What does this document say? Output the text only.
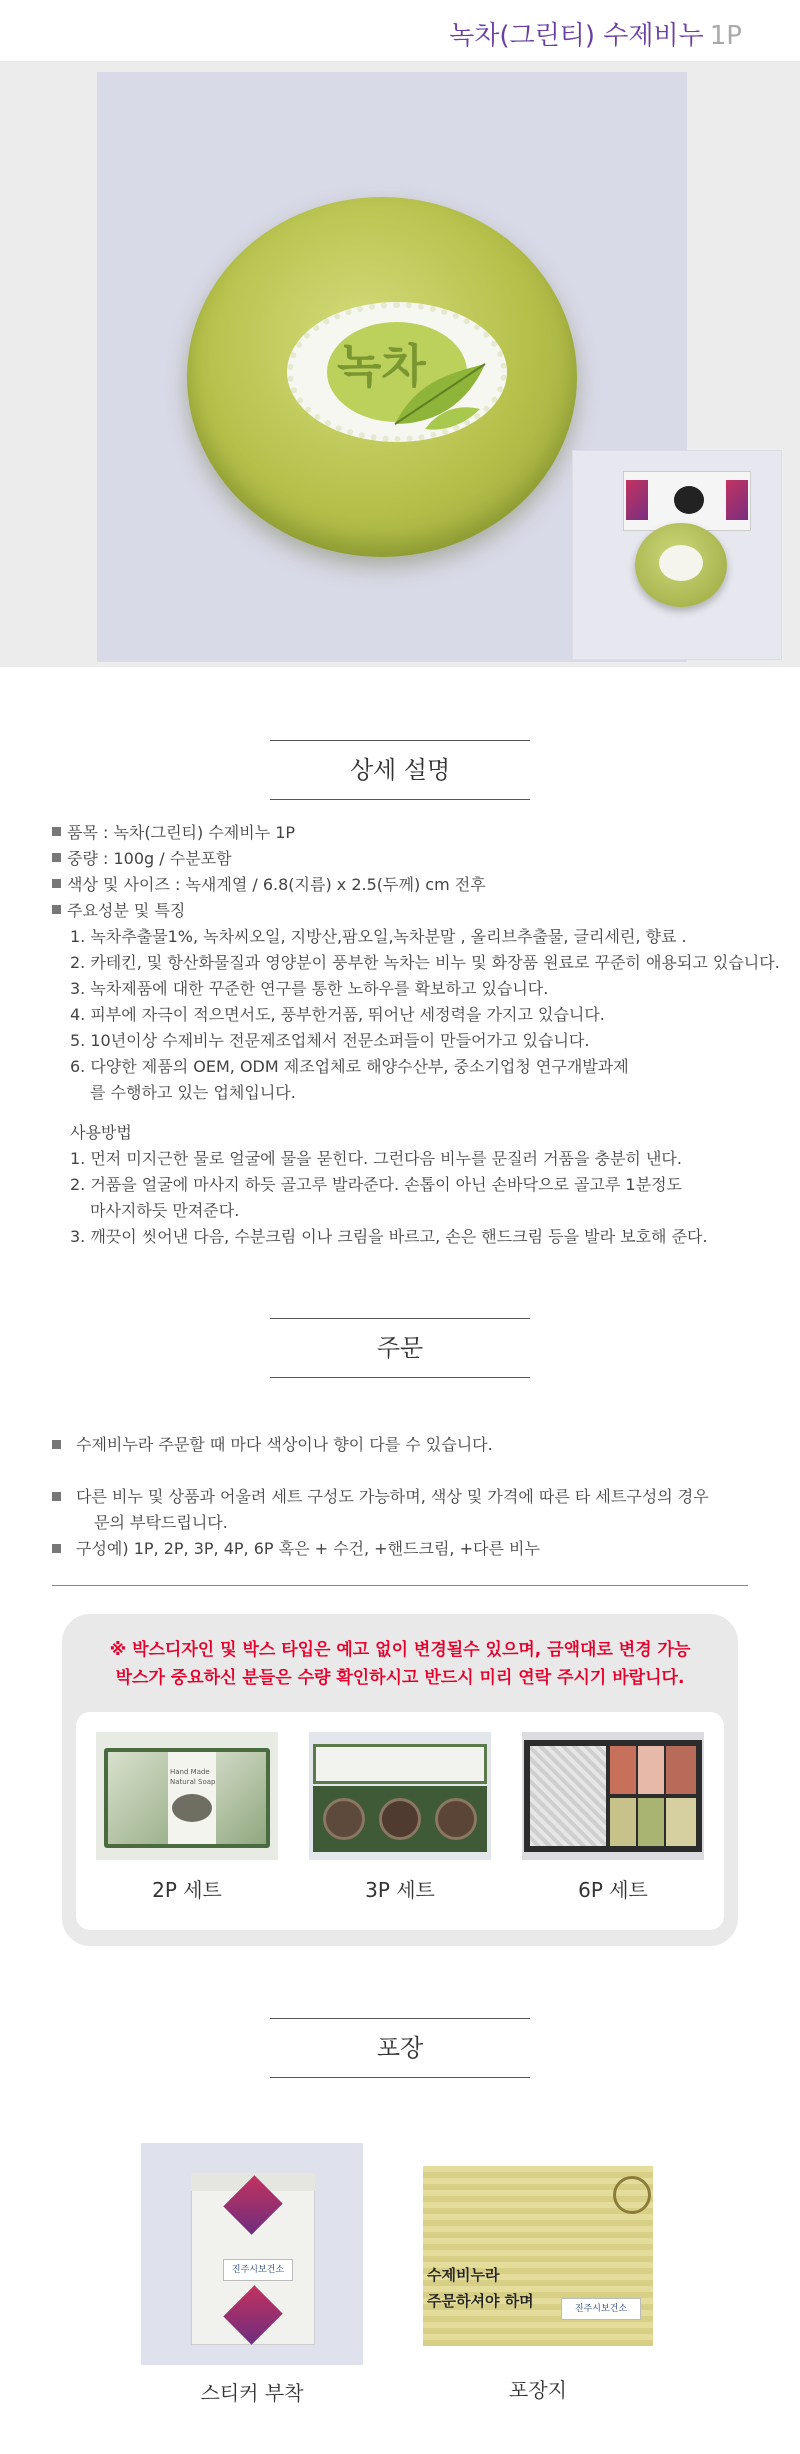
녹차(그린티) 수제비누 1P
녹차
상세 설명
품목 : 녹차(그린티) 수제비누 1P
중량 : 100g / 수분포함
색상 및 사이즈 : 녹새계열 / 6.8(지름) x 2.5(두께) cm 전후
주요성분 및 특징
1. 녹차추출물1%, 녹차씨오일, 지방산,팜오일,녹차분말 , 올리브추출물, 글리세린, 향료 .
2. 카테킨, 및 항산화물질과 영양분이 풍부한 녹차는 비누 및 화장품 원료로 꾸준히 애용되고 있습니다.
3. 녹차제품에 대한 꾸준한 연구를 통한 노하우를 확보하고 있습니다.
4. 피부에 자극이 적으면서도, 풍부한거품, 뛰어난 세정력을 가지고 있습니다.
5. 10년이상 수제비누 전문제조업체서 전문소퍼들이 만들어가고 있습니다.
6. 다양한 제품의 OEM, ODM 제조업체로 해양수산부, 중소기업청 연구개발과제
를 수행하고 있는 업체입니다.
사용방법
1. 먼저 미지근한 물로 얼굴에 물을 묻힌다. 그런다음 비누를 문질러 거품을 충분히 낸다.
2. 거품을 얼굴에 마사지 하듯 골고루 발라준다. 손톱이 아닌 손바닥으로 골고루 1분정도
마사지하듯 만져준다.
3. 깨끗이 씻어낸 다음, 수분크림 이나 크림을 바르고, 손은 핸드크림 등을 발라 보호해 준다.
주문
수제비누라 주문할 때 마다 색상이나 향이 다를 수 있습니다.
다른 비누 및 상품과 어울려 세트 구성도 가능하며, 색상 및 가격에 따른 타 세트구성의 경우
문의 부탁드립니다.
구성예) 1P, 2P, 3P, 4P, 6P 혹은 + 수건, +핸드크림, +다른 비누
※ 박스디자인 및 박스 타입은 예고 없이 변경될수 있으며, 금액대로 변경 가능
박스가 중요하신 분들은 수량 확인하시고 반드시 미리 연락 주시기 바랍니다.
Hand Made
Natural Soap
2P 세트	3P 세트	6P 세트
포장
진주시보건소
스티커 부착
수제비누라
주문하셔야 하며	진주시보건소
포장지
